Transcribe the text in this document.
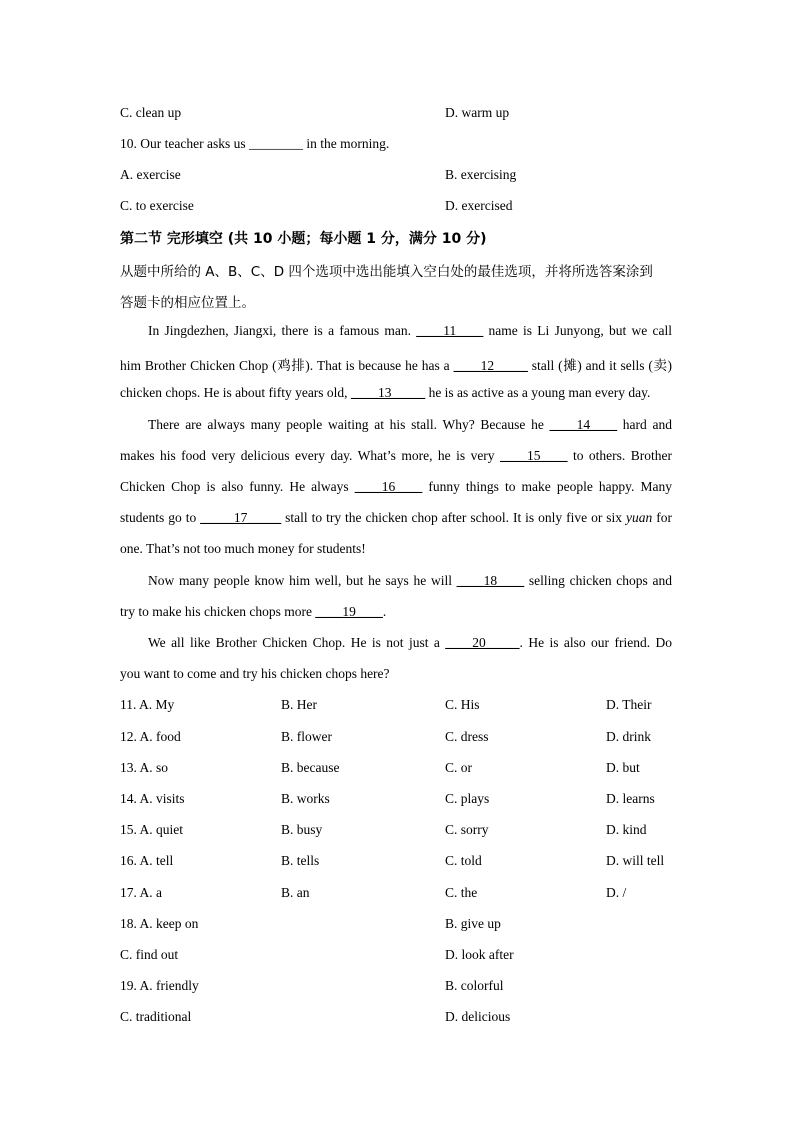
C. clean up	D. warm up
10. Our teacher asks us ________ in the morning.
A. exercise	B. exercising
C. to exercise	D. exercised
第二节 完形填空 (共 10 小题；每小题 1 分，满分 10 分)
从题中所给的 A、B、C、D 四个选项中选出能填入空白处的最佳选项，并将所选答案涂到
答题卡的相应位置上。
In Jingdezhen, Jiangxi, there is a famous man. ____11____ name is Li Junyong, but we call
him Brother Chicken Chop (鸡排). That is because he has a ____12_____ stall (摊) and it sells (卖)
chicken chops. He is about fifty years old, ____13_____ he is as active as a young man every day.
There are always many people waiting at his stall. Why? Because he ____14____ hard and
makes his food very delicious every day. What’s more, he is very ____15____ to others. Brother
Chicken Chop is also funny. He always ____16____ funny things to make people happy. Many
students go to _____17_____ stall to try the chicken chop after school. It is only five or six yuan for
one. That’s not too much money for students!
Now many people know him well, but he says he will ____18____ selling chicken chops and
try to make his chicken chops more ____19____.
We all like Brother Chicken Chop. He is not just a ____20_____. He is also our friend. Do
you want to come and try his chicken chops here?
11. A. My	B. Her	C. His	D. Their
12. A. food	B. flower	C. dress	D. drink
13. A. so	B. because	C. or	D. but
14. A. visits	B. works	C. plays	D. learns
15. A. quiet	B. busy	C. sorry	D. kind
16. A. tell	B. tells	C. told	D. will tell
17. A. a	B. an	C. the	D. /
18. A. keep on	B. give up
C. find out	D. look after
19. A. friendly	B. colorful
C. traditional	D. delicious
